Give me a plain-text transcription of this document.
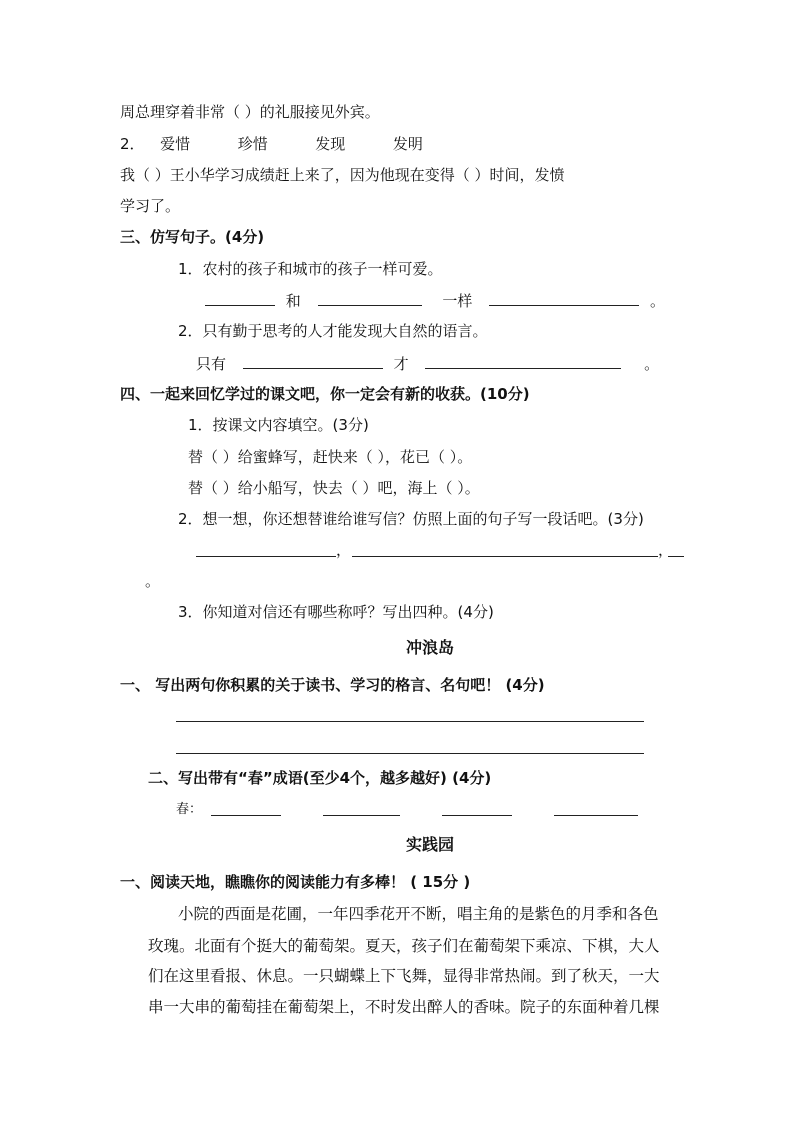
周总理穿着非常（ ）的礼服接见外宾。
2． 爱惜	珍惜	发现	发明
我（ ）王小华学习成绩赶上来了，因为他现在变得（ ）时间，发愤
学习了。
三、仿写句子。(4分)
1．农村的孩子和城市的孩子一样可爱。
和	一样	。
2．只有勤于思考的人才能发现大自然的语言。
只有	才	。
四、一起来回忆学过的课文吧，你一定会有新的收获。(10分)
1．按课文内容填空。(3分)
替（ ）给蜜蜂写，赶快来（ ），花已（ ）。
替（ ）给小船写，快去（ ）吧，海上（ ）。
2．想一想，你还想替谁给谁写信？仿照上面的句子写一段话吧。(3分)
，	，
。
3．你知道对信还有哪些称呼？写出四种。(4分)
冲浪岛
一、 写出两句你积累的关于读书、学习的格言、名句吧！ (4分)
二、写出带有“春”成语(至少4个，越多越好) (4分)
春：
实践园
一、阅读天地，瞧瞧你的阅读能力有多棒！ ( 15分 )
小院的西面是花圃，一年四季花开不断，唱主角的是紫色的月季和各色
玫瑰。北面有个挺大的葡萄架。夏天，孩子们在葡萄架下乘凉、下棋，大人
们在这里看报、休息。一只蝴蝶上下飞舞，显得非常热闹。到了秋天，一大
串一大串的葡萄挂在葡萄架上，不时发出醉人的香味。院子的东面种着几棵
